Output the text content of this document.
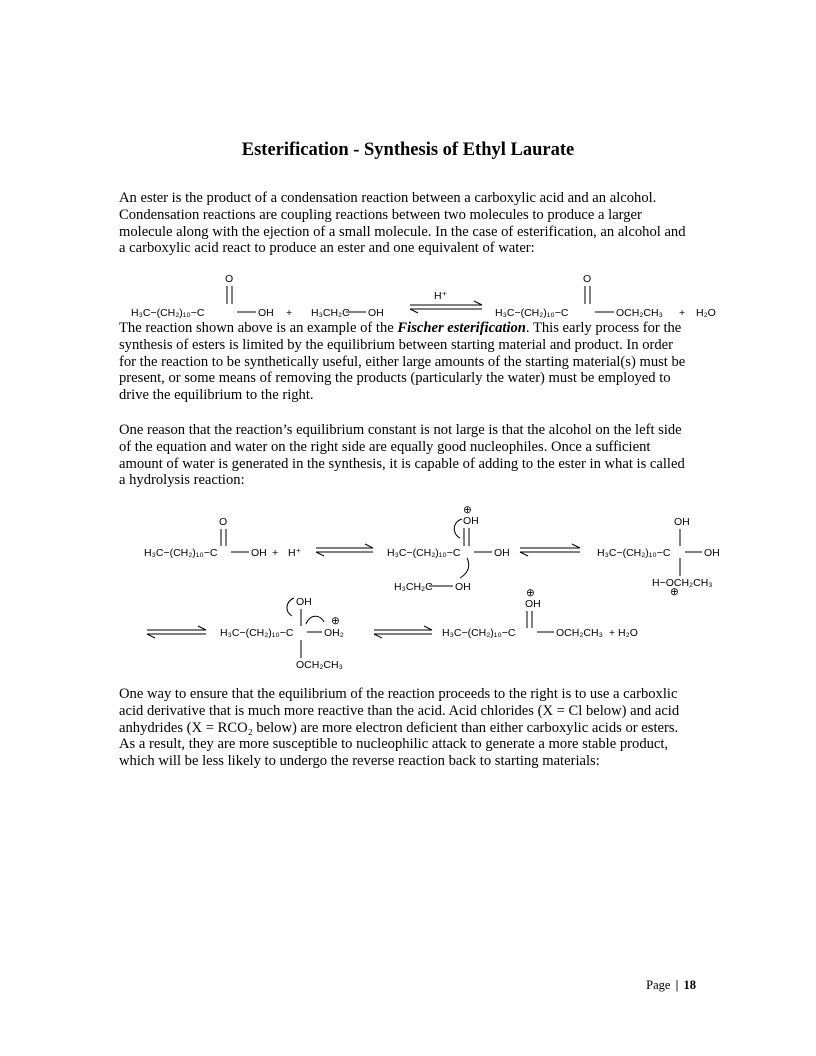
Esterification - Synthesis of Ethyl Laurate

An ester is the product of a condensation reaction between a carboxylic acid and an alcohol.
Condensation reactions are coupling reactions between two molecules to produce a larger
molecule along with the ejection of a small molecule. In the case of esterification, an alcohol and
a carboxylic acid react to produce an ester and one equivalent of water:

O
H₃C−(CH₂)₁₀−C	OH + H₃CH₂C OH
H⁺
O
H₃C−(CH₂)₁₀−C	OCH₂CH₃ + H₂O

The reaction shown above is an example of the Fischer esterification. This early process for the
synthesis of esters is limited by the equilibrium between starting material and product. In order
for the reaction to be synthetically useful, either large amounts of the starting material(s) must be
present, or some means of removing the products (particularly the water) must be employed to
drive the equilibrium to the right.

One reason that the reaction’s equilibrium constant is not large is that the alcohol on the left side
of the equation and water on the right side are equally good nucleophiles. Once a sufficient
amount of water is generated in the synthesis, it is capable of adding to the ester in what is called
a hydrolysis reaction:

O
H₃C−(CH₂)₁₀−C	OH + H⁺
⊕
OH
H₃C−(CH₂)₁₀−C	OH
H₃CH₂C OH
OH
H₃C−(CH₂)₁₀−C	OH
H−OCH₂CH₃
⊕
OH
H₃C−(CH₂)₁₀−C
⊕
OH₂
OCH₂CH₃
⊕
OH
H₃C−(CH₂)₁₀−C	OCH₂CH₃ + H₂O

One way to ensure that the equilibrium of the reaction proceeds to the right is to use a carboxlic
acid derivative that is much more reactive than the acid. Acid chlorides (X = Cl below) and acid
anhydrides (X = RCO₂ below) are more electron deficient than either carboxylic acids or esters.
As a result, they are more susceptible to nucleophilic attack to generate a more stable product,
which will be less likely to undergo the reverse reaction back to starting materials:

Page | 18
